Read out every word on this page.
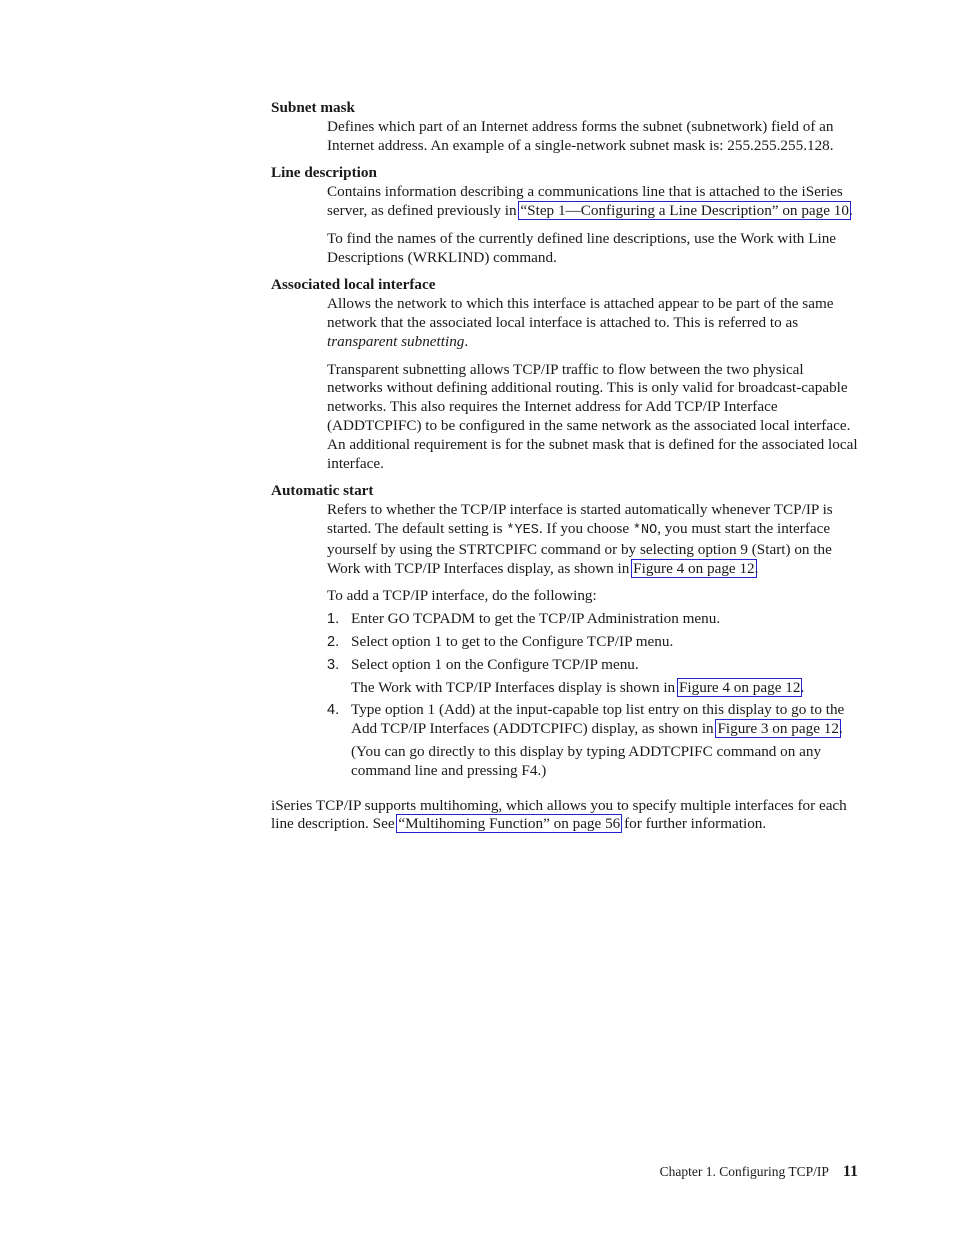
Subnet mask

Defines which part of an Internet address forms the subnet (subnetwork) field of an Internet address. An example of a single-network subnet mask is: 255.255.255.128.

Line description

Contains information describing a communications line that is attached to the iSeries server, as defined previously in “Step 1—Configuring a Line Description” on page 10.

To find the names of the currently defined line descriptions, use the Work with Line Descriptions (WRKLIND) command.

Associated local interface

Allows the network to which this interface is attached appear to be part of the same network that the associated local interface is attached to. This is referred to as transparent subnetting.

Transparent subnetting allows TCP/IP traffic to flow between the two physical networks without defining additional routing. This is only valid for broadcast-capable networks. This also requires the Internet address for Add TCP/IP Interface (ADDTCPIFC) to be configured in the same network as the associated local interface. An additional requirement is for the subnet mask that is defined for the associated local interface.

Automatic start

Refers to whether the TCP/IP interface is started automatically whenever TCP/IP is started. The default setting is *YES. If you choose *NO, you must start the interface yourself by using the STRTCPIFC command or by selecting option 9 (Start) on the Work with TCP/IP Interfaces display, as shown in Figure 4 on page 12.

To add a TCP/IP interface, do the following:

1. Enter GO TCPADM to get the TCP/IP Administration menu.

2. Select option 1 to get to the Configure TCP/IP menu.

3. Select option 1 on the Configure TCP/IP menu.

The Work with TCP/IP Interfaces display is shown in Figure 4 on page 12.

4. Type option 1 (Add) at the input-capable top list entry on this display to go to the Add TCP/IP Interfaces (ADDTCPIFC) display, as shown in Figure 3 on page 12.

(You can go directly to this display by typing ADDTCPIFC command on any command line and pressing F4.)

iSeries TCP/IP supports multihoming, which allows you to specify multiple interfaces for each line description. See “Multihoming Function” on page 56 for further information.

Chapter 1. Configuring TCP/IP 11
